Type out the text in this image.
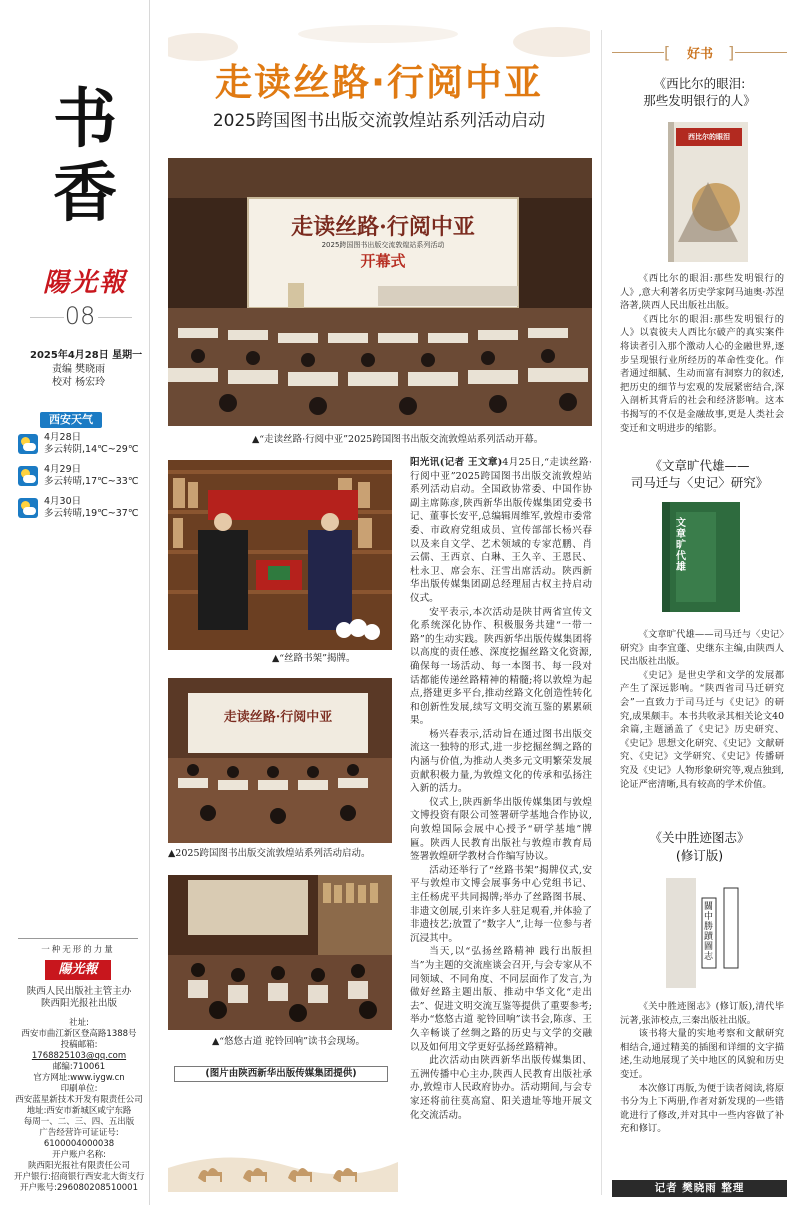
书
香
陽光報
08
2025年4月28日 星期一
责编 樊晓雨
校对 杨宏玲
西安天气
4月28日
多云转阴,14℃~29℃
4月29日
多云转晴,17℃~33℃
4月30日
多云转晴,19℃~37℃
一种无形的力量
陽光報
陕西人民出版社主管主办
陕西阳光报社出版
社址:
西安市曲江新区登高路1388号
投稿邮箱:
1768825103@qq.com
邮编:710061
官方网址:www.iygw.cn
印刷单位:
西安蓝星新技术开发有限责任公司
地址:西安市新城区咸宁东路
每周一、二、三、四、五出版
广告经营许可证证号:
6100004000038
开户账户名称:
陕西阳光报社有限责任公司
开户银行:招商银行西安北大街支行
开户账号:296080208510001
走读丝路·行阅中亚
2025跨国图书出版交流敦煌站系列活动启动
走读丝路·行阅中亚
2025跨国图书出版交流敦煌站系列活动
开幕式
▲“走读丝路·行阅中亚”2025跨国图书出版交流敦煌站系列活动开幕。
▲“丝路书架”揭牌。
走读丝路·行阅中亚
▲2025跨国图书出版交流敦煌站系列活动启动。
▲“悠悠古道 驼铃回响”读书会现场。
(图片由陕西新华出版传媒集团提供)

阳光讯(记者 王文章)4月25日,“走读丝路·行阅中亚”2025跨国图书出版交流敦煌站系列活动启动。全国政协常委、中国作协副主席陈彦,陕西新华出版传媒集团党委书记、董事长安平,总编辑周维军,敦煌市委常委、市政府党组成员、宣传部部长杨兴春以及来自文学、艺术领域的专家范鹏、肖云儒、王西京、白琳、王久辛、王恩民、杜永卫、席会东、汪雪出席活动。陕西新华出版传媒集团副总经理屈古权主持启动仪式。

安平表示,本次活动是陕甘两省宣传文化系统深化协作、积极服务共建“一带一路”的生动实践。陕西新华出版传媒集团将以高度的责任感、深度挖掘丝路文化资源,确保每一场活动、每一本图书、每一段对话都能传递丝路精神的精髓;将以敦煌为起点,搭建更多平台,推动丝路文化创造性转化和创新性发展,续写文明交流互鉴的累累硕果。

杨兴春表示,活动旨在通过图书出版交流这一独特的形式,进一步挖掘丝绸之路的内涵与价值,为推动人类多元文明繁荣发展贡献积极力量,为敦煌文化的传承和弘扬注入新的活力。

仪式上,陕西新华出版传媒集团与敦煌文博投资有限公司签署研学基地合作协议,向敦煌国际会展中心授予“研学基地”牌匾。陕西人民教育出版社与敦煌市教育局签署敦煌研学教材合作编写协议。

活动还举行了“丝路书架”揭牌仪式,安平与敦煌市文博会展事务中心党组书记、主任杨虎平共同揭牌;举办了丝路图书展、非遗文创展,引来许多人驻足观看,并体验了非遗技艺;放置了“数字人”,让每一位参与者沉浸其中。

当天,以“弘扬丝路精神 践行出版担当”为主题的交流座谈会召开,与会专家从不同领域、不同角度、不同层面作了发言,为做好丝路主题出版、推动中华文化“走出去”、促进文明交流互鉴等提供了重要参考;举办“悠悠古道 驼铃回响”读书会,陈彦、王久辛畅谈了丝绸之路的历史与文学的交融以及如何用文学更好弘扬丝路精神。

此次活动由陕西新华出版传媒集团、五洲传播中心主办,陕西人民教育出版社承办,敦煌市人民政府协办。活动期间,与会专家还将前往莫高窟、阳关遗址等地开展文化交流活动。

[	好书 ]
《西比尔的眼泪:
那些发明银行的人》
西比尔的眼泪

《西比尔的眼泪:那些发明银行的人》,意大利著名历史学家阿马迪奥·苏涅洛著,陕西人民出版社出版。

《西比尔的眼泪:那些发明银行的人》以袁彼夫人西比尔破产的真实案件将读者引入那个激动人心的金融世界,逐步呈现银行业所经历的革命性变化。作者通过细腻、生动而富有洞察力的叙述,把历史的细节与宏观的发展紧密结合,深入剖析其背后的社会和经济影响。这本书揭写的不仅是金融故事,更是人类社会变迁和文明进步的缩影。

《文章旷代雄——
司马迁与〈史记〉研究》
文章旷代雄

《文章旷代雄——司马迁与〈史记〉研究》由李宜蓬、史继东主编,由陕西人民出版社出版。

《史记》是世史学和文学的发展都产生了深远影响。“陕西省司马迁研究会”一直致力于司马迁与《史记》的研究,成果颇丰。本书共收录其相关论文40余篇,主题涵盖了《史记》历史研究、《史记》思想文化研究、《史记》文献研究、《史记》文学研究、《史记》传播研究及《史记》人物形象研究等,观点独到,论证严密清晰,具有较高的学术价值。

《关中胜迹图志》
(修订版)
關中勝蹟圖志

《关中胜迹图志》(修订版),清代毕沅著,张沛校点,三秦出版社出版。

该书将大量的实地考察和文献研究相结合,通过精美的插图和详细的文字描述,生动地展现了关中地区的风貌和历史变迁。

本次修订再版,为便于读者阅读,将原书分为上下两册,作者对新发现的一些错讹进行了修改,并对其中一些内容做了补充和修订。

记者 樊晓雨 整理
